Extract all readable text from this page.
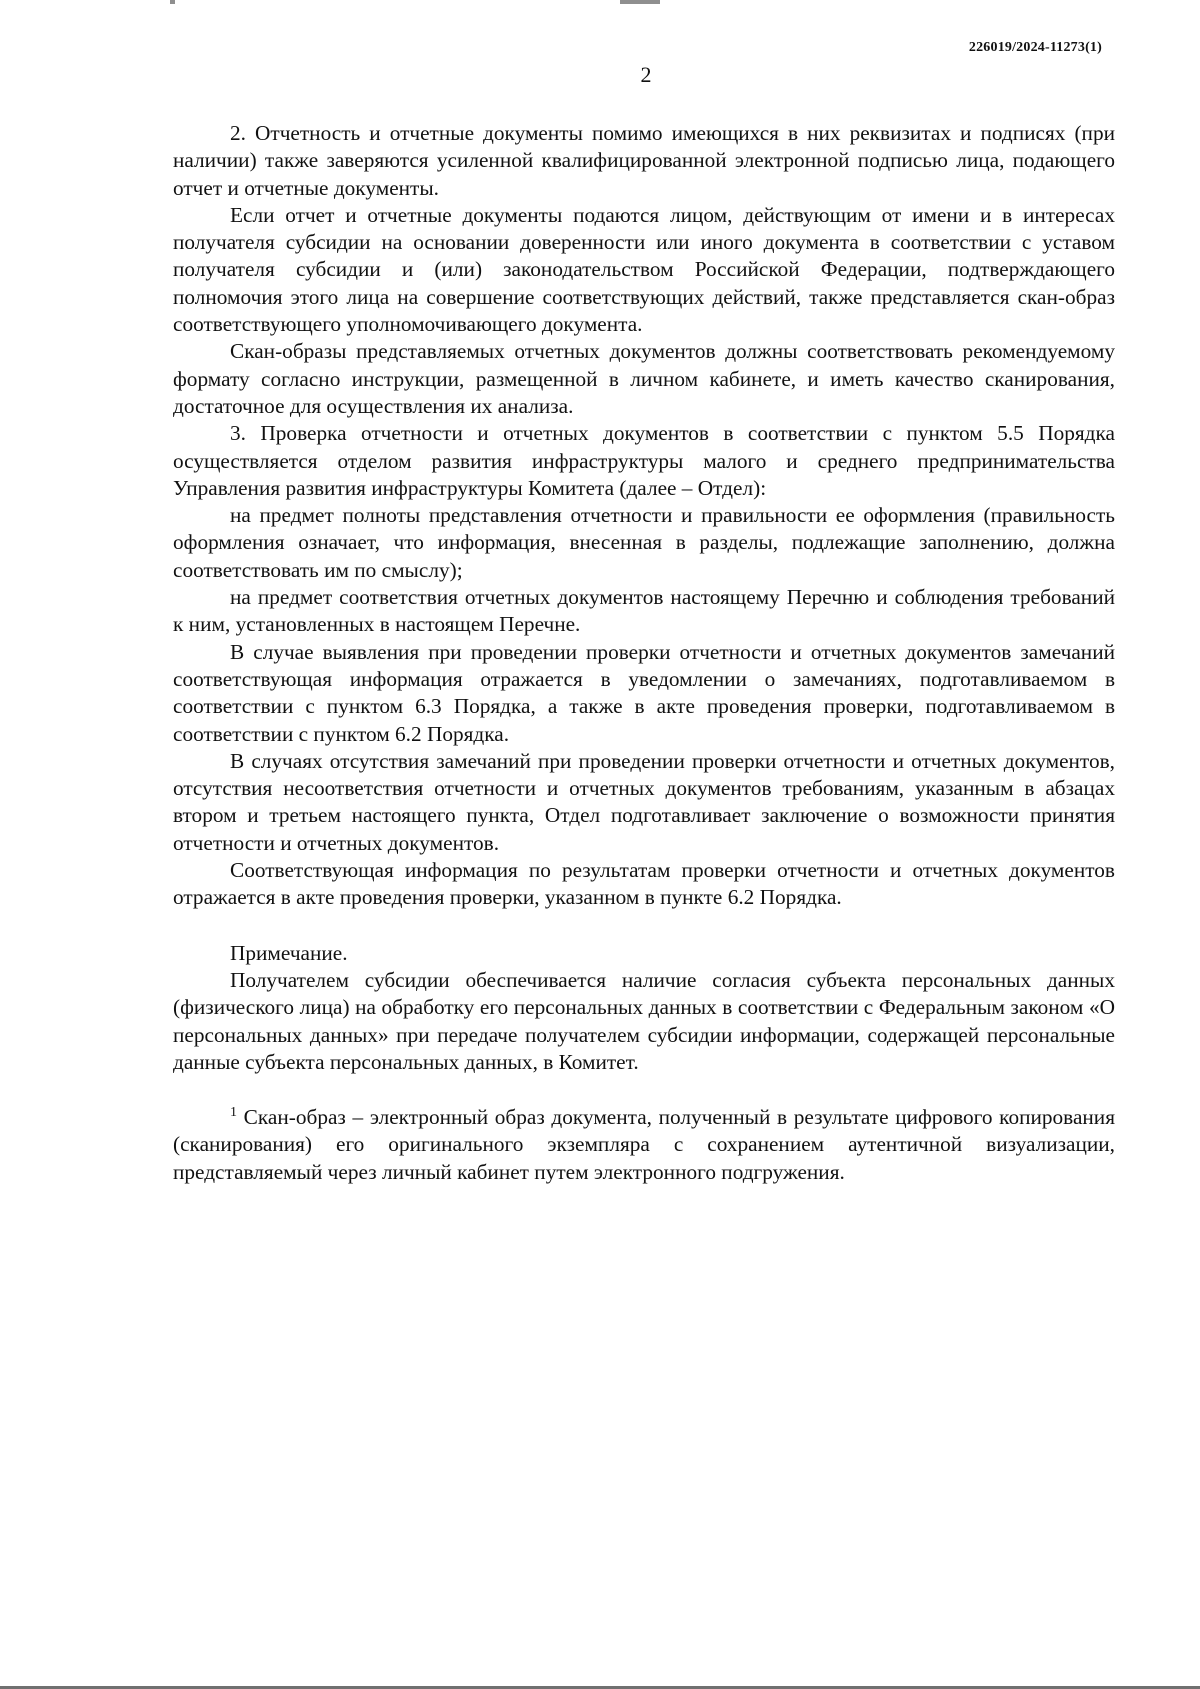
226019/2024-11273(1)
2

2. Отчетность и отчетные документы помимо имеющихся в них реквизитах и подписях (при наличии) также заверяются усиленной квалифицированной электронной подписью лица, подающего отчет и отчетные документы.

Если отчет и отчетные документы подаются лицом, действующим от имени и в интересах получателя субсидии на основании доверенности или иного документа в соответствии с уставом получателя субсидии и (или) законодательством Российской Федерации, подтверждающего полномочия этого лица на совершение соответствующих действий, также представляется скан-образ соответствующего уполномочивающего документа.

Скан-образы представляемых отчетных документов должны соответствовать рекомендуемому формату согласно инструкции, размещенной в личном кабинете, и иметь качество сканирования, достаточное для осуществления их анализа.

3. Проверка отчетности и отчетных документов в соответствии с пунктом 5.5 Порядка осуществляется отделом развития инфраструктуры малого и среднего предпринимательства Управления развития инфраструктуры Комитета (далее – Отдел):

на предмет полноты представления отчетности и правильности ее оформления (правильность оформления означает, что информация, внесенная в разделы, подлежащие заполнению, должна соответствовать им по смыслу);

на предмет соответствия отчетных документов настоящему Перечню и соблюдения требований к ним, установленных в настоящем Перечне.

В случае выявления при проведении проверки отчетности и отчетных документов замечаний соответствующая информация отражается в уведомлении о замечаниях, подготавливаемом в соответствии с пунктом 6.3 Порядка, а также в акте проведения проверки, подготавливаемом в соответствии с пунктом 6.2 Порядка.

В случаях отсутствия замечаний при проведении проверки отчетности и отчетных документов, отсутствия несоответствия отчетности и отчетных документов требованиям, указанным в абзацах втором и третьем настоящего пункта, Отдел подготавливает заключение о возможности принятия отчетности и отчетных документов.

Соответствующая информация по результатам проверки отчетности и отчетных документов отражается в акте проведения проверки, указанном в пункте 6.2 Порядка.

Примечание.

Получателем субсидии обеспечивается наличие согласия субъекта персональных данных (физического лица) на обработку его персональных данных в соответствии с Федеральным законом «О персональных данных» при передаче получателем субсидии информации, содержащей персональные данные субъекта персональных данных, в Комитет.

$^1$ Скан-образ – электронный образ документа, полученный в результате цифрового копирования (сканирования) его оригинального экземпляра с сохранением аутентичной визуализации, представляемый через личный кабинет путем электронного подгружения.
